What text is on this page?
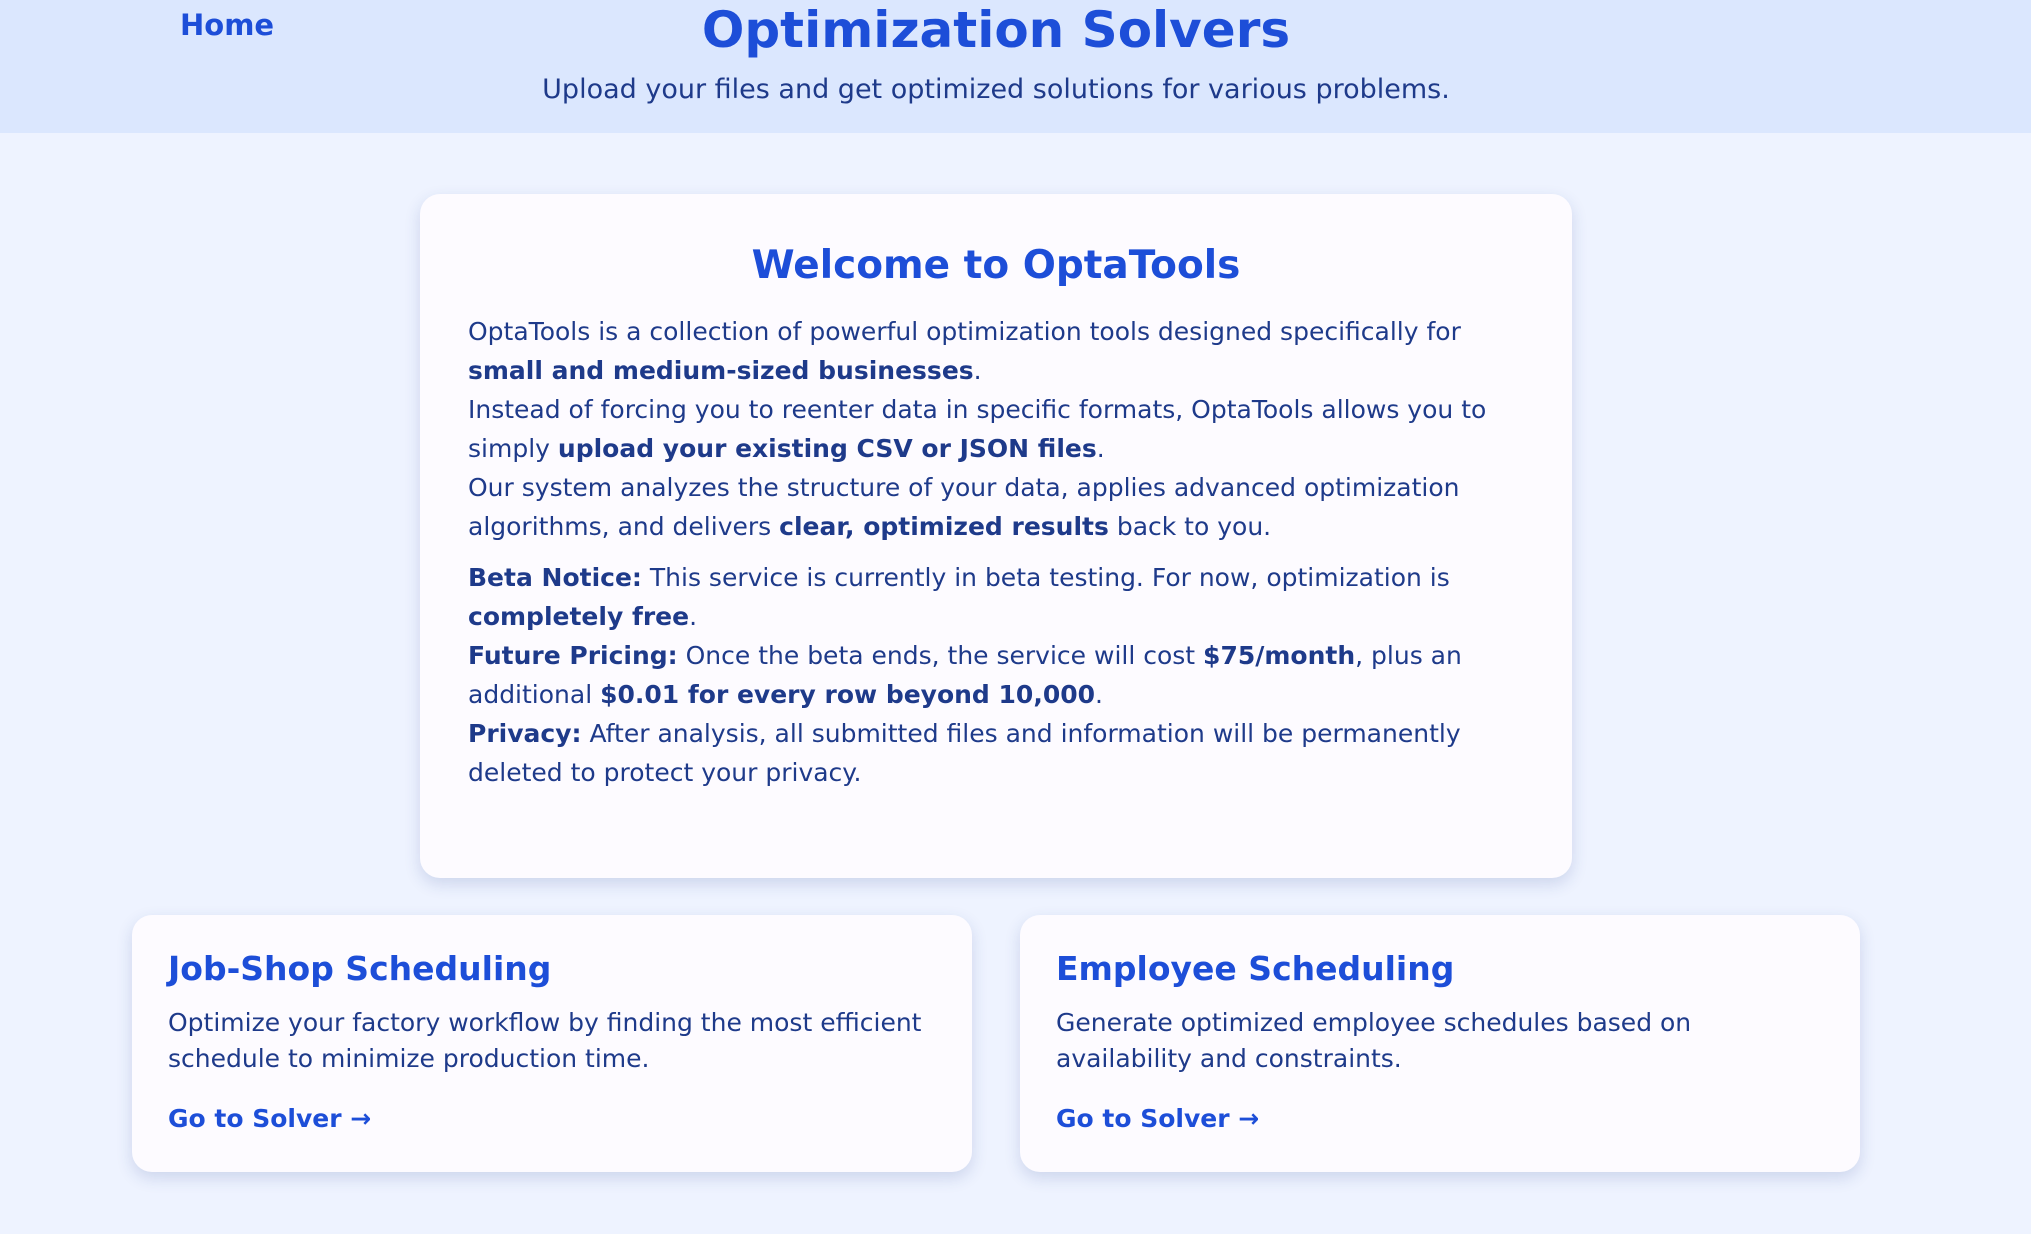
Home	Optimization Solvers

Upload your files and get optimized solutions for various problems.

Welcome to OptaTools

OptaTools is a collection of powerful optimization tools designed specifically for small and medium-sized businesses.

Instead of forcing you to reenter data in specific formats, OptaTools allows you to simply upload your existing CSV or JSON files.

Our system analyzes the structure of your data, applies advanced optimization algorithms, and delivers clear, optimized results back to you.

Beta Notice: This service is currently in beta testing. For now, optimization is completely free.

Future Pricing: Once the beta ends, the service will cost $75/month, plus an additional $0.01 for every row beyond 10,000.

Privacy: After analysis, all submitted files and information will be permanently deleted to protect your privacy.

Job-Shop Scheduling

Optimize your factory workflow by finding the most efficient schedule to minimize production time.

Go to Solver →
Employee Scheduling

Generate optimized employee schedules based on availability and constraints.

Go to Solver →
